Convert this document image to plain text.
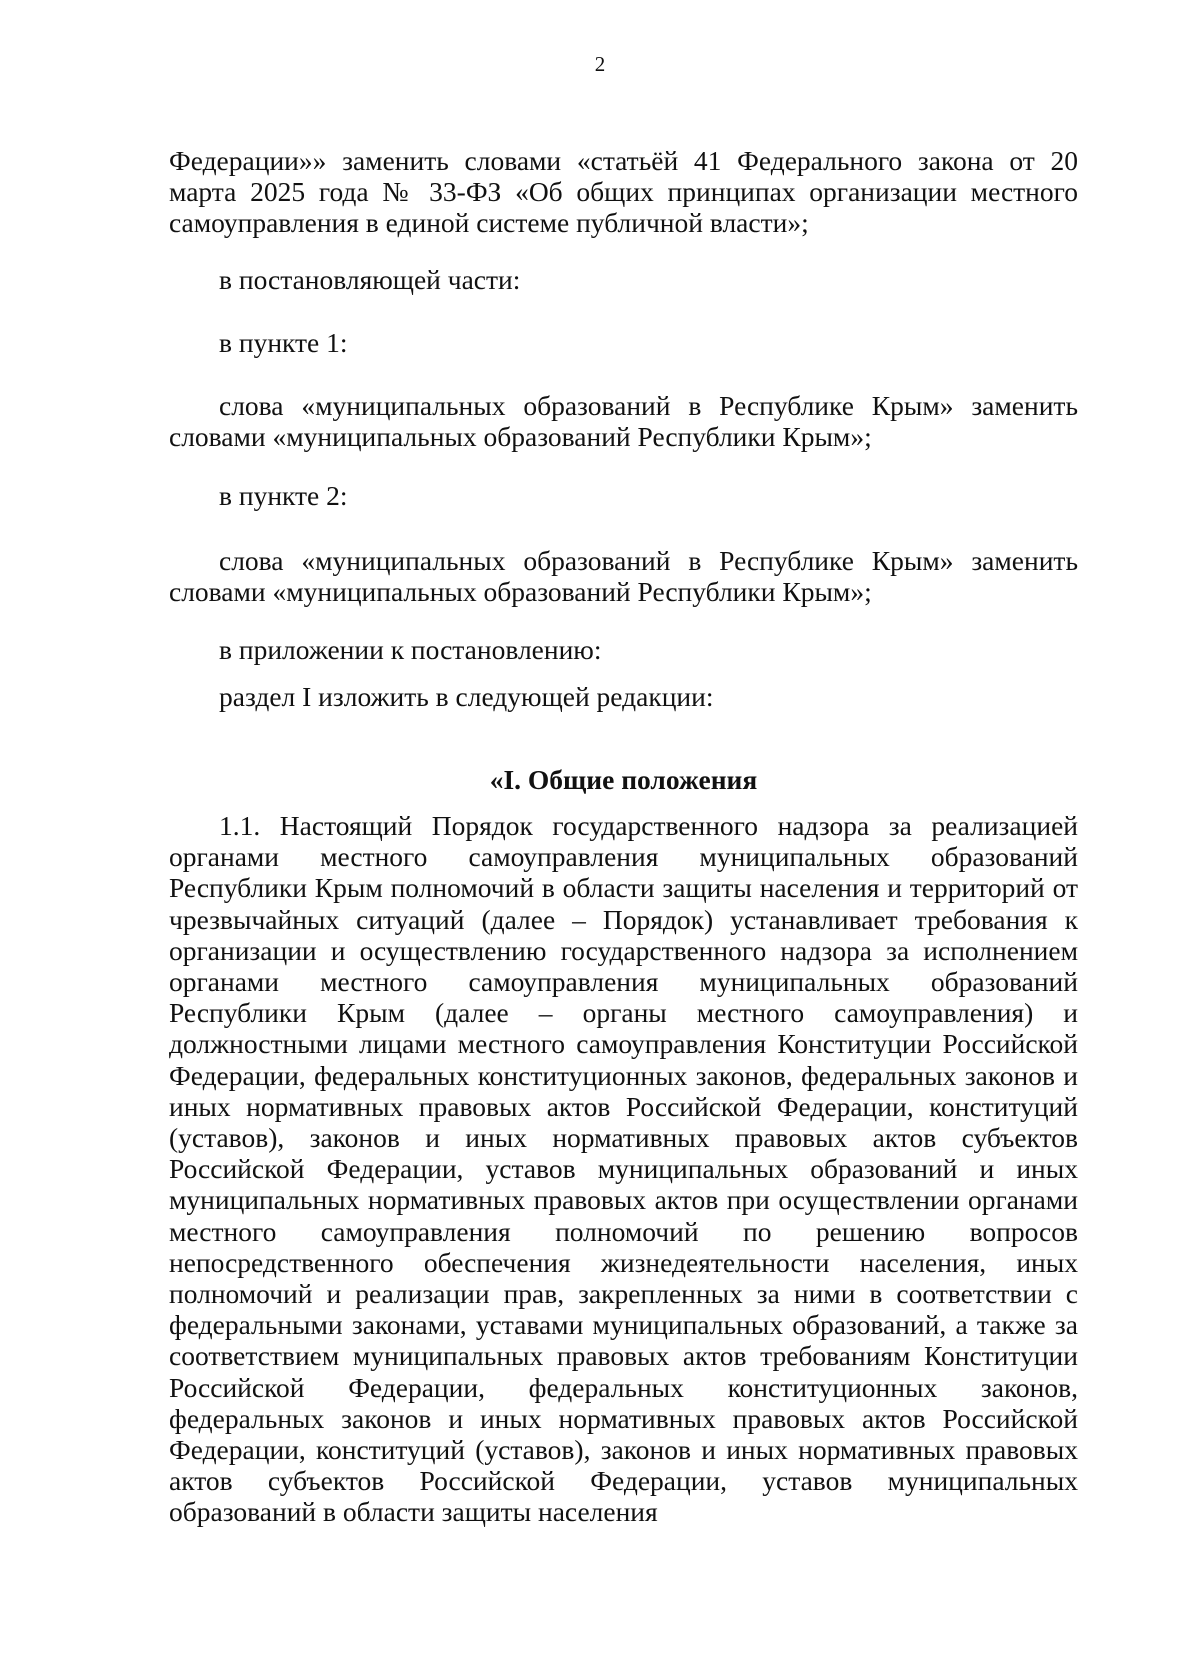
2

Федерации»» заменить словами «статьёй 41 Федерального закона от 20 марта 2025 года № 33-ФЗ «Об общих принципах организации местного самоуправления в единой системе публичной власти»;

в постановляющей части:

в пункте 1:

слова «муниципальных образований в Республике Крым» заменить словами «муниципальных образований Республики Крым»;

в пункте 2:

слова «муниципальных образований в Республике Крым» заменить словами «муниципальных образований Республики Крым»;

в приложении к постановлению:

раздел I изложить в следующей редакции:

«I. Общие положения

1.1. Настоящий Порядок государственного надзора за реализацией органами местного самоуправления муниципальных образований Республики Крым полномочий в области защиты населения и территорий от чрезвычайных ситуаций (далее – Порядок) устанавливает требования к организации и осуществлению государственного надзора за исполнением органами местного самоуправления муниципальных образований Республики Крым (далее – органы местного самоуправления) и должностными лицами местного самоуправления Конституции Российской Федерации, федеральных конституционных законов, федеральных законов и иных нормативных правовых актов Российской Федерации, конституций (уставов), законов и иных нормативных правовых актов субъектов Российской Федерации, уставов муниципальных образований и иных муниципальных нормативных правовых актов при осуществлении органами местного самоуправления полномочий по решению вопросов непосредственного обеспечения жизнедеятельности населения, иных полномочий и реализации прав, закрепленных за ними в соответствии с федеральными законами, уставами муниципальных образований, а также за соответствием муниципальных правовых актов требованиям Конституции Российской Федерации, федеральных конституционных законов, федеральных законов и иных нормативных правовых актов Российской Федерации, конституций (уставов), законов и иных нормативных правовых актов субъектов Российской Федерации, уставов муниципальных образований в области защиты населения
